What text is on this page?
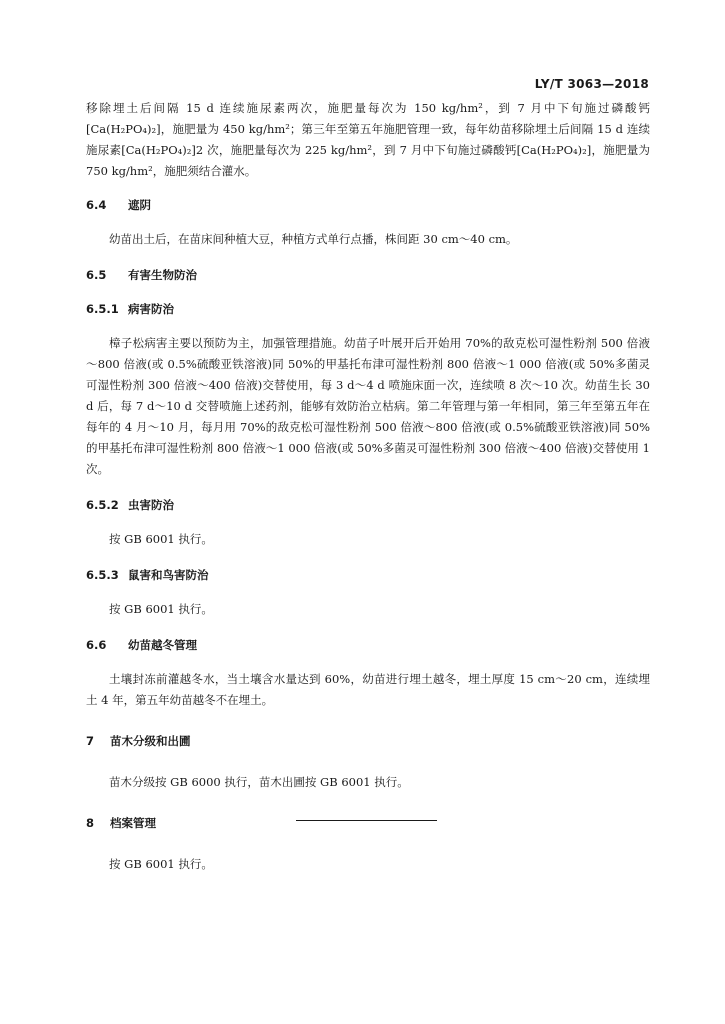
LY/T 3063—2018

移除埋土后间隔 15 d 连续施尿素两次，施肥量每次为 150 kg/hm²，到 7 月中下旬施过磷酸钙[Ca(H₂PO₄)₂]，施肥量为 450 kg/hm²；第三年至第五年施肥管理一致，每年幼苗移除埋土后间隔 15 d 连续施尿素[Ca(H₂PO₄)₂]2 次，施肥量每次为 225 kg/hm²，到 7 月中下旬施过磷酸钙[Ca(H₂PO₄)₂]，施肥量为 750 kg/hm²，施肥须结合灌水。

6.4 遮阴

幼苗出土后，在苗床间种植大豆，种植方式单行点播，株间距 30 cm～40 cm。

6.5 有害生物防治
6.5.1 病害防治

樟子松病害主要以预防为主，加强管理措施。幼苗子叶展开后开始用 70%的敌克松可湿性粉剂 500 倍液～800 倍液(或 0.5%硫酸亚铁溶液)同 50%的甲基托布津可湿性粉剂 800 倍液～1 000 倍液(或 50%多菌灵可湿性粉剂 300 倍液～400 倍液)交替使用，每 3 d～4 d 喷施床面一次，连续喷 8 次～10 次。幼苗生长 30 d 后，每 7 d～10 d 交替喷施上述药剂，能够有效防治立枯病。第二年管理与第一年相同，第三年至第五年在每年的 4 月～10 月，每月用 70%的敌克松可湿性粉剂 500 倍液～800 倍液(或 0.5%硫酸亚铁溶液)同 50%的甲基托布津可湿性粉剂 800 倍液～1 000 倍液(或 50%多菌灵可湿性粉剂 300 倍液～400 倍液)交替使用 1 次。

6.5.2 虫害防治

按 GB 6001 执行。

6.5.3 鼠害和鸟害防治

按 GB 6001 执行。

6.6 幼苗越冬管理

土壤封冻前灌越冬水，当土壤含水量达到 60%，幼苗进行埋土越冬，埋土厚度 15 cm～20 cm，连续埋土 4 年，第五年幼苗越冬不在埋土。

7 苗木分级和出圃

苗木分级按 GB 6000 执行，苗木出圃按 GB 6001 执行。

8 档案管理

按 GB 6001 执行。
